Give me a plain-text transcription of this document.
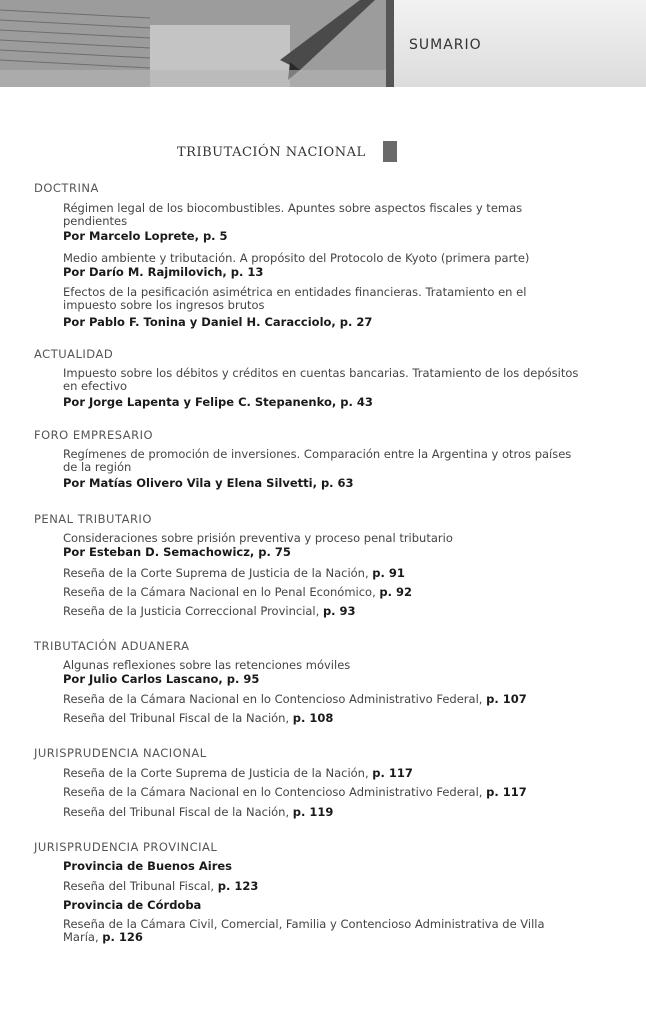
SUMARIO
TRIBUTACIÓN NACIONAL
DOCTRINA
Régimen legal de los biocombustibles. Apuntes sobre aspectos fiscales y temas pendientes
Por Marcelo Loprete, p. 5
Medio ambiente y tributación. A propósito del Protocolo de Kyoto (primera parte)
Por Darío M. Rajmilovich, p. 13
Efectos de la pesificación asimétrica en entidades financieras. Tratamiento en el impuesto sobre los ingresos brutos
Por Pablo F. Tonina y Daniel H. Caracciolo, p. 27
ACTUALIDAD
Impuesto sobre los débitos y créditos en cuentas bancarias. Tratamiento de los depósitos en efectivo
Por Jorge Lapenta y Felipe C. Stepanenko, p. 43
FORO EMPRESARIO
Regímenes de promoción de inversiones. Comparación entre la Argentina y otros países de la región
Por Matías Olivero Vila y Elena Silvetti, p. 63
PENAL TRIBUTARIO
Consideraciones sobre prisión preventiva y proceso penal tributario
Por Esteban D. Semachowicz, p. 75
Reseña de la Corte Suprema de Justicia de la Nación, p. 91
Reseña de la Cámara Nacional en lo Penal Económico, p. 92
Reseña de la Justicia Correccional Provincial, p. 93
TRIBUTACIÓN ADUANERA
Algunas reflexiones sobre las retenciones móviles
Por Julio Carlos Lascano, p. 95
Reseña de la Cámara Nacional en lo Contencioso Administrativo Federal, p. 107
Reseña del Tribunal Fiscal de la Nación, p. 108
JURISPRUDENCIA NACIONAL
Reseña de la Corte Suprema de Justicia de la Nación, p. 117
Reseña de la Cámara Nacional en lo Contencioso Administrativo Federal, p. 117
Reseña del Tribunal Fiscal de la Nación, p. 119
JURISPRUDENCIA PROVINCIAL
Provincia de Buenos Aires
Reseña del Tribunal Fiscal, p. 123
Provincia de Córdoba
Reseña de la Cámara Civil, Comercial, Familia y Contencioso Administrativa de Villa María, p. 126
